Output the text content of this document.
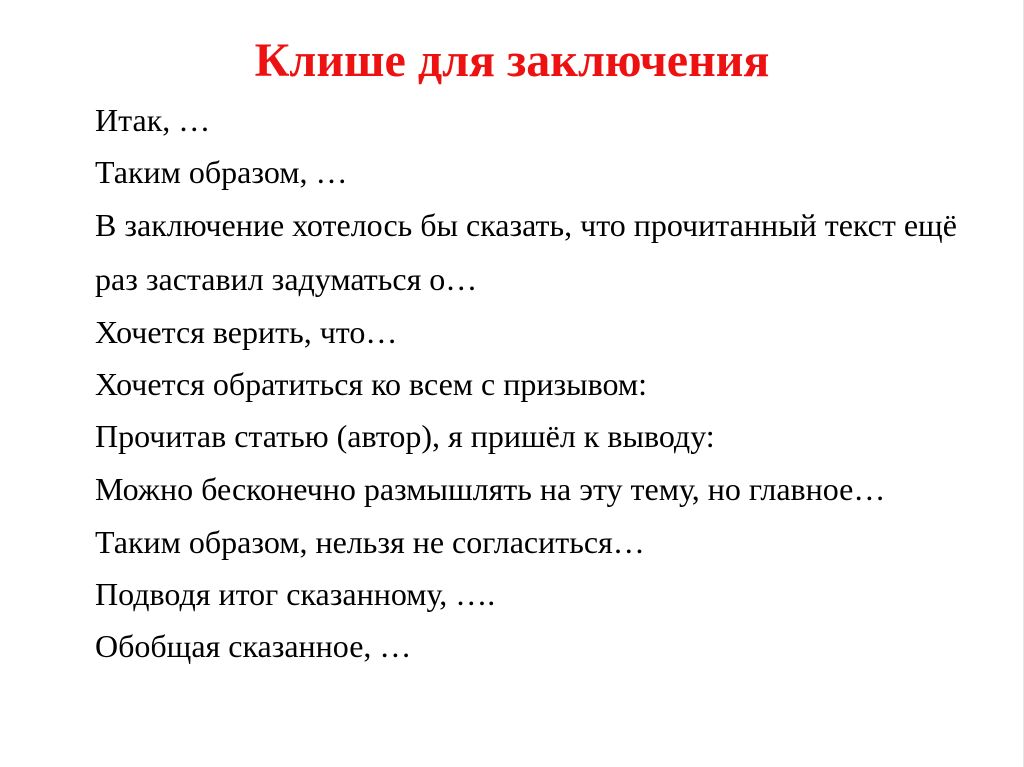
Клише для заключения
Итак, …
Таким образом, …
В заключение хотелось бы сказать, что прочитанный текст ещё раз заставил задуматься о…
Хочется верить, что…
Хочется обратиться ко всем с призывом:
Прочитав статью (автор), я пришёл к выводу:
Можно бесконечно размышлять на эту тему, но главное…
Таким образом, нельзя не согласиться…
Подводя итог сказанному, ….
Обобщая сказанное, …
